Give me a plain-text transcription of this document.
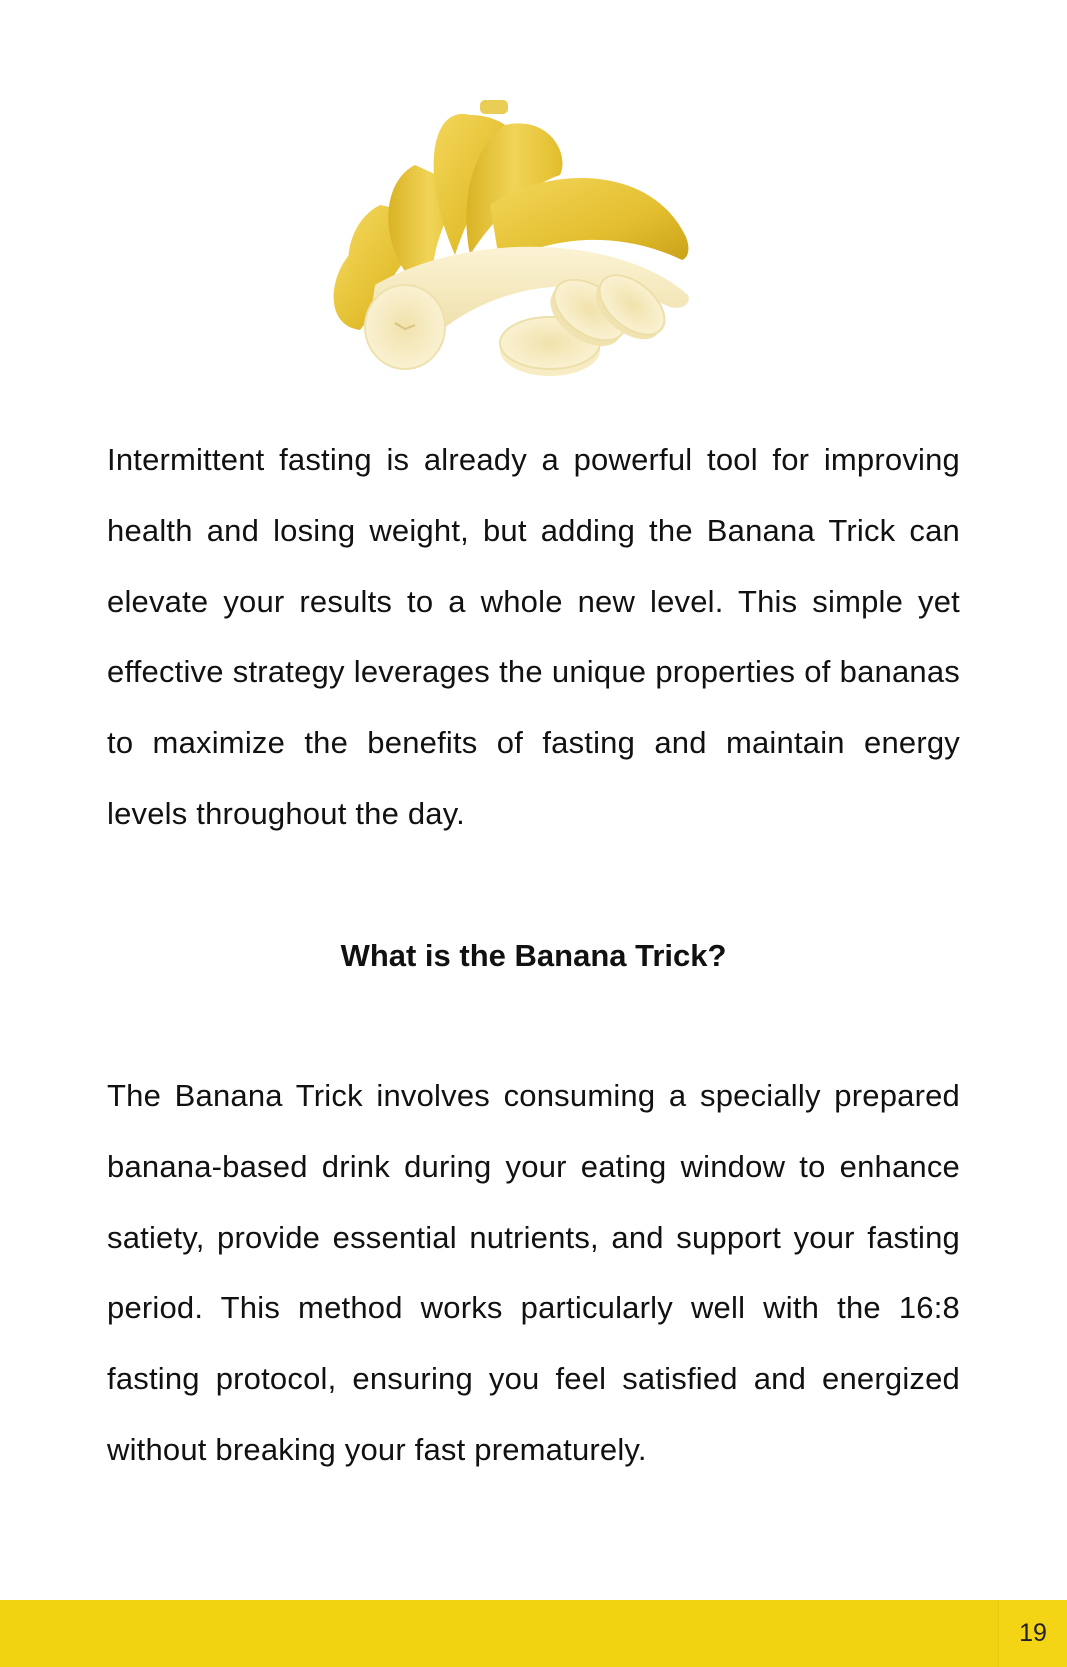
Intermittent fasting is already a powerful tool for improving health and losing weight, but adding the Banana Trick can elevate your results to a whole new level. This simple yet effective strategy leverages the unique properties of bananas to maximize the benefits of fasting and maintain energy levels throughout the day.

What is the Banana Trick?

The Banana Trick involves consuming a specially prepared banana-based drink during your eating window to enhance satiety, provide essential nutrients, and support your fasting period. This method works particularly well with the 16:8 fasting protocol, ensuring you feel satisfied and energized without breaking your fast prematurely.

19
